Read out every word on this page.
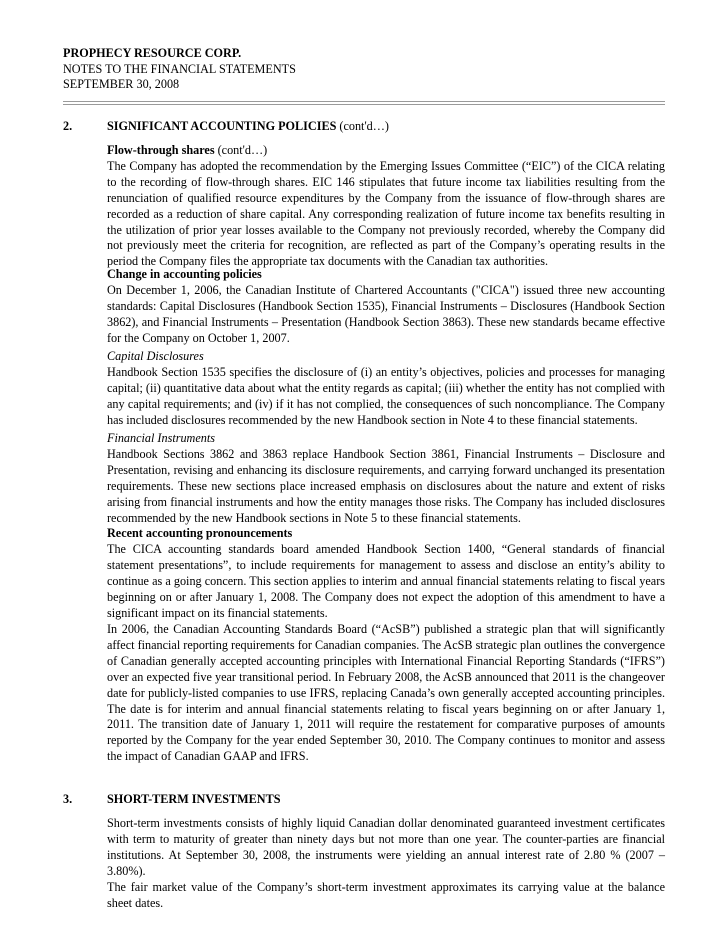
PROPHECY RESOURCE CORP.
NOTES TO THE FINANCIAL STATEMENTS
SEPTEMBER 30, 2008
2.	SIGNIFICANT ACCOUNTING POLICIES (cont'd…)
Flow-through shares (cont'd…)

The Company has adopted the recommendation by the Emerging Issues Committee (“EIC”) of the CICA relating to the recording of flow-through shares. EIC 146 stipulates that future income tax liabilities resulting from the renunciation of qualified resource expenditures by the Company from the issuance of flow-through shares are recorded as a reduction of share capital. Any corresponding realization of future income tax benefits resulting in the utilization of prior year losses available to the Company not previously recorded, whereby the Company did not previously meet the criteria for recognition, are reflected as part of the Company’s operating results in the period the Company files the appropriate tax documents with the Canadian tax authorities.

Change in accounting policies

On December 1, 2006, the Canadian Institute of Chartered Accountants ("CICA") issued three new accounting standards: Capital Disclosures (Handbook Section 1535), Financial Instruments – Disclosures (Handbook Section 3862), and Financial Instruments – Presentation (Handbook Section 3863). These new standards became effective for the Company on October 1, 2007.

Capital Disclosures

Handbook Section 1535 specifies the disclosure of (i) an entity’s objectives, policies and processes for managing capital; (ii) quantitative data about what the entity regards as capital; (iii) whether the entity has not complied with any capital requirements; and (iv) if it has not complied, the consequences of such noncompliance. The Company has included disclosures recommended by the new Handbook section in Note 4 to these financial statements.

Financial Instruments

Handbook Sections 3862 and 3863 replace Handbook Section 3861, Financial Instruments – Disclosure and Presentation, revising and enhancing its disclosure requirements, and carrying forward unchanged its presentation requirements. These new sections place increased emphasis on disclosures about the nature and extent of risks arising from financial instruments and how the entity manages those risks. The Company has included disclosures recommended by the new Handbook sections in Note 5 to these financial statements.

Recent accounting pronouncements

The CICA accounting standards board amended Handbook Section 1400, “General standards of financial statement presentations”, to include requirements for management to assess and disclose an entity’s ability to continue as a going concern. This section applies to interim and annual financial statements relating to fiscal years beginning on or after January 1, 2008. The Company does not expect the adoption of this amendment to have a significant impact on its financial statements.

In 2006, the Canadian Accounting Standards Board (“AcSB”) published a strategic plan that will significantly affect financial reporting requirements for Canadian companies. The AcSB strategic plan outlines the convergence of Canadian generally accepted accounting principles with International Financial Reporting Standards (“IFRS”) over an expected five year transitional period. In February 2008, the AcSB announced that 2011 is the changeover date for publicly-listed companies to use IFRS, replacing Canada’s own generally accepted accounting principles. The date is for interim and annual financial statements relating to fiscal years beginning on or after January 1, 2011. The transition date of January 1, 2011 will require the restatement for comparative purposes of amounts reported by the Company for the year ended September 30, 2010. The Company continues to monitor and assess the impact of Canadian GAAP and IFRS.

3.	SHORT-TERM INVESTMENTS

Short-term investments consists of highly liquid Canadian dollar denominated guaranteed investment certificates with term to maturity of greater than ninety days but not more than one year. The counter-parties are financial institutions. At September 30, 2008, the instruments were yielding an annual interest rate of 2.80 % (2007 – 3.80%).

The fair market value of the Company’s short-term investment approximates its carrying value at the balance sheet dates.
